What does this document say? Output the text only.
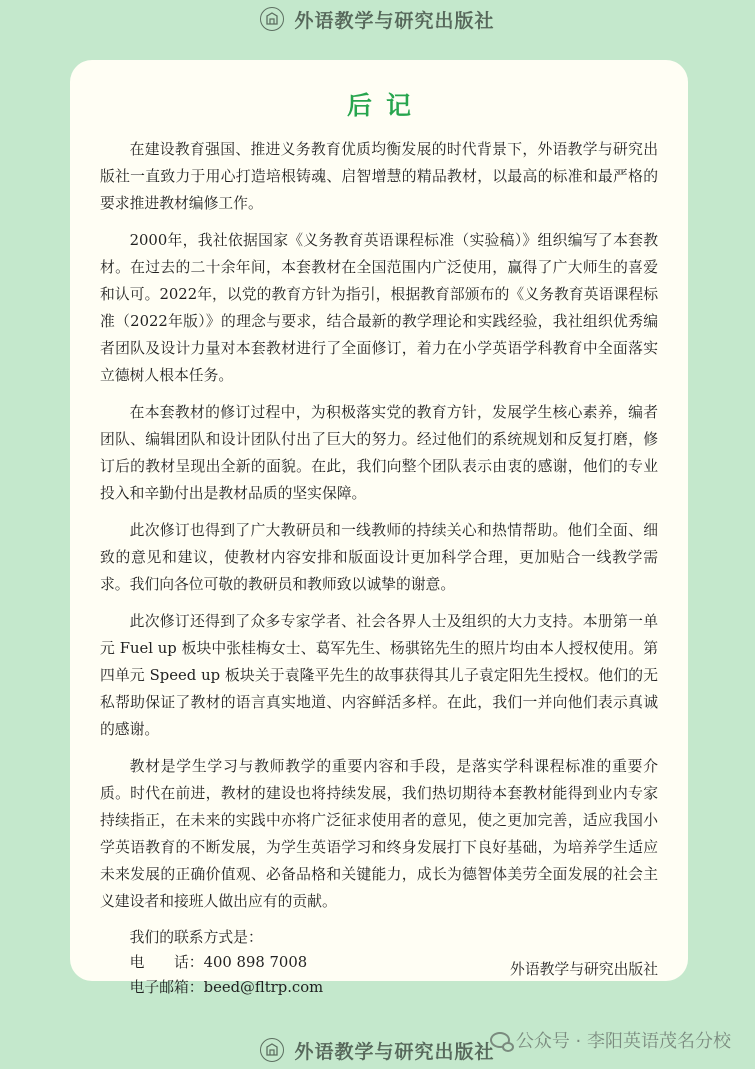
外语教学与研究出版社
后记

在建设教育强国、推进义务教育优质均衡发展的时代背景下，外语教学与研究出版社一直致力于用心打造培根铸魂、启智增慧的精品教材，以最高的标准和最严格的要求推进教材编修工作。

2000年，我社依据国家《义务教育英语课程标准（实验稿）》组织编写了本套教材。在过去的二十余年间，本套教材在全国范围内广泛使用，赢得了广大师生的喜爱和认可。2022年，以党的教育方针为指引，根据教育部颁布的《义务教育英语课程标准（2022年版）》的理念与要求，结合最新的教学理论和实践经验，我社组织优秀编者团队及设计力量对本套教材进行了全面修订，着力在小学英语学科教育中全面落实立德树人根本任务。

在本套教材的修订过程中，为积极落实党的教育方针，发展学生核心素养，编者团队、编辑团队和设计团队付出了巨大的努力。经过他们的系统规划和反复打磨，修订后的教材呈现出全新的面貌。在此，我们向整个团队表示由衷的感谢，他们的专业投入和辛勤付出是教材品质的坚实保障。

此次修订也得到了广大教研员和一线教师的持续关心和热情帮助。他们全面、细致的意见和建议，使教材内容安排和版面设计更加科学合理，更加贴合一线教学需求。我们向各位可敬的教研员和教师致以诚挚的谢意。

此次修订还得到了众多专家学者、社会各界人士及组织的大力支持。本册第一单元 Fuel up 板块中张桂梅女士、葛军先生、杨骐铭先生的照片均由本人授权使用。第四单元 Speed up 板块关于袁隆平先生的故事获得其儿子袁定阳先生授权。他们的无私帮助保证了教材的语言真实地道、内容鲜活多样。在此，我们一并向他们表示真诚的感谢。

教材是学生学习与教师教学的重要内容和手段，是落实学科课程标准的重要介质。时代在前进，教材的建设也将持续发展，我们热切期待本套教材能得到业内专家持续指正，在未来的实践中亦将广泛征求使用者的意见，使之更加完善，适应我国小学英语教育的不断发展，为学生英语学习和终身发展打下良好基础，为培养学生适应未来发展的正确价值观、必备品格和关键能力，成长为德智体美劳全面发展的社会主义建设者和接班人做出应有的贡献。

我们的联系方式是：
电　　话：400 898 7008
电子邮箱：beed@fltrp.com
外语教学与研究出版社
外语教学与研究出版社 公众号 · 李阳英语茂名分校
